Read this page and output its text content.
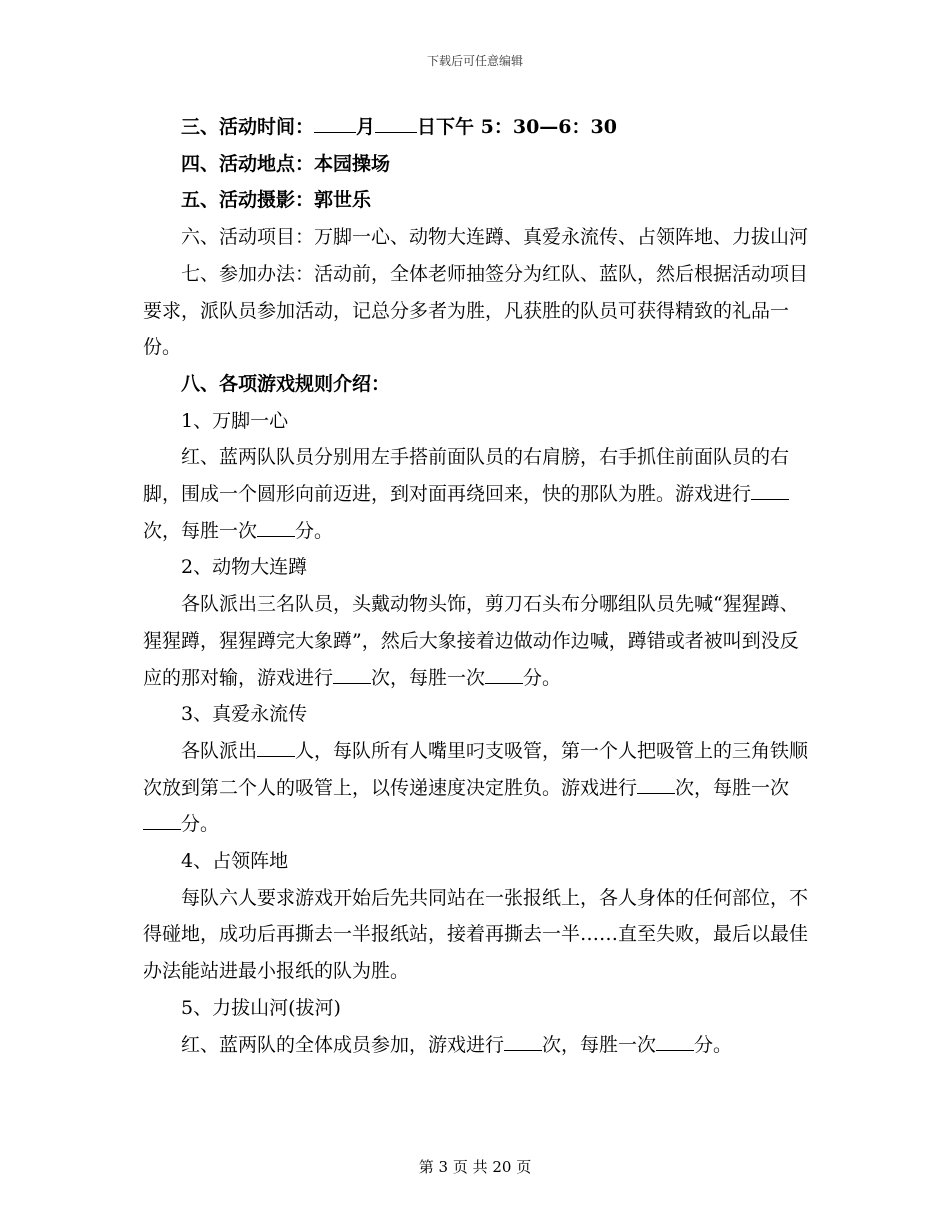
下载后可任意编辑

三、活动时间： 月 日下午 5：30—6：30

四、活动地点：本园操场

五、活动摄影：郭世乐

六、活动项目：万脚一心、动物大连蹲、真爱永流传、占领阵地、力拔山河

七、参加办法：活动前，全体老师抽签分为红队、蓝队，然后根据活动项目要求，派队员参加活动，记总分多者为胜，凡获胜的队员可获得精致的礼品一份。

八、各项游戏规则介绍：

1、万脚一心

红、蓝两队队员分别用左手搭前面队员的右肩膀，右手抓住前面队员的右脚，围成一个圆形向前迈进，到对面再绕回来，快的那队为胜。游戏进行次，每胜一次 分。

2、动物大连蹲

各队派出三名队员，头戴动物头饰，剪刀石头布分哪组队员先喊“猩猩蹲、猩猩蹲，猩猩蹲完大象蹲”，然后大象接着边做动作边喊，蹲错或者被叫到没反应的那对输，游戏进行 次，每胜一次 分。

3、真爱永流传

各队派出 人，每队所有人嘴里叼支吸管，第一个人把吸管上的三角铁顺次放到第二个人的吸管上，以传递速度决定胜负。游戏进行 次，每胜一次分。

4、占领阵地

每队六人要求游戏开始后先共同站在一张报纸上，各人身体的任何部位，不得碰地，成功后再撕去一半报纸站，接着再撕去一半……直至失败，最后以最佳办法能站进最小报纸的队为胜。

5、力拔山河(拔河)

红、蓝两队的全体成员参加，游戏进行 次，每胜一次 分。

第 3 页 共 20 页
